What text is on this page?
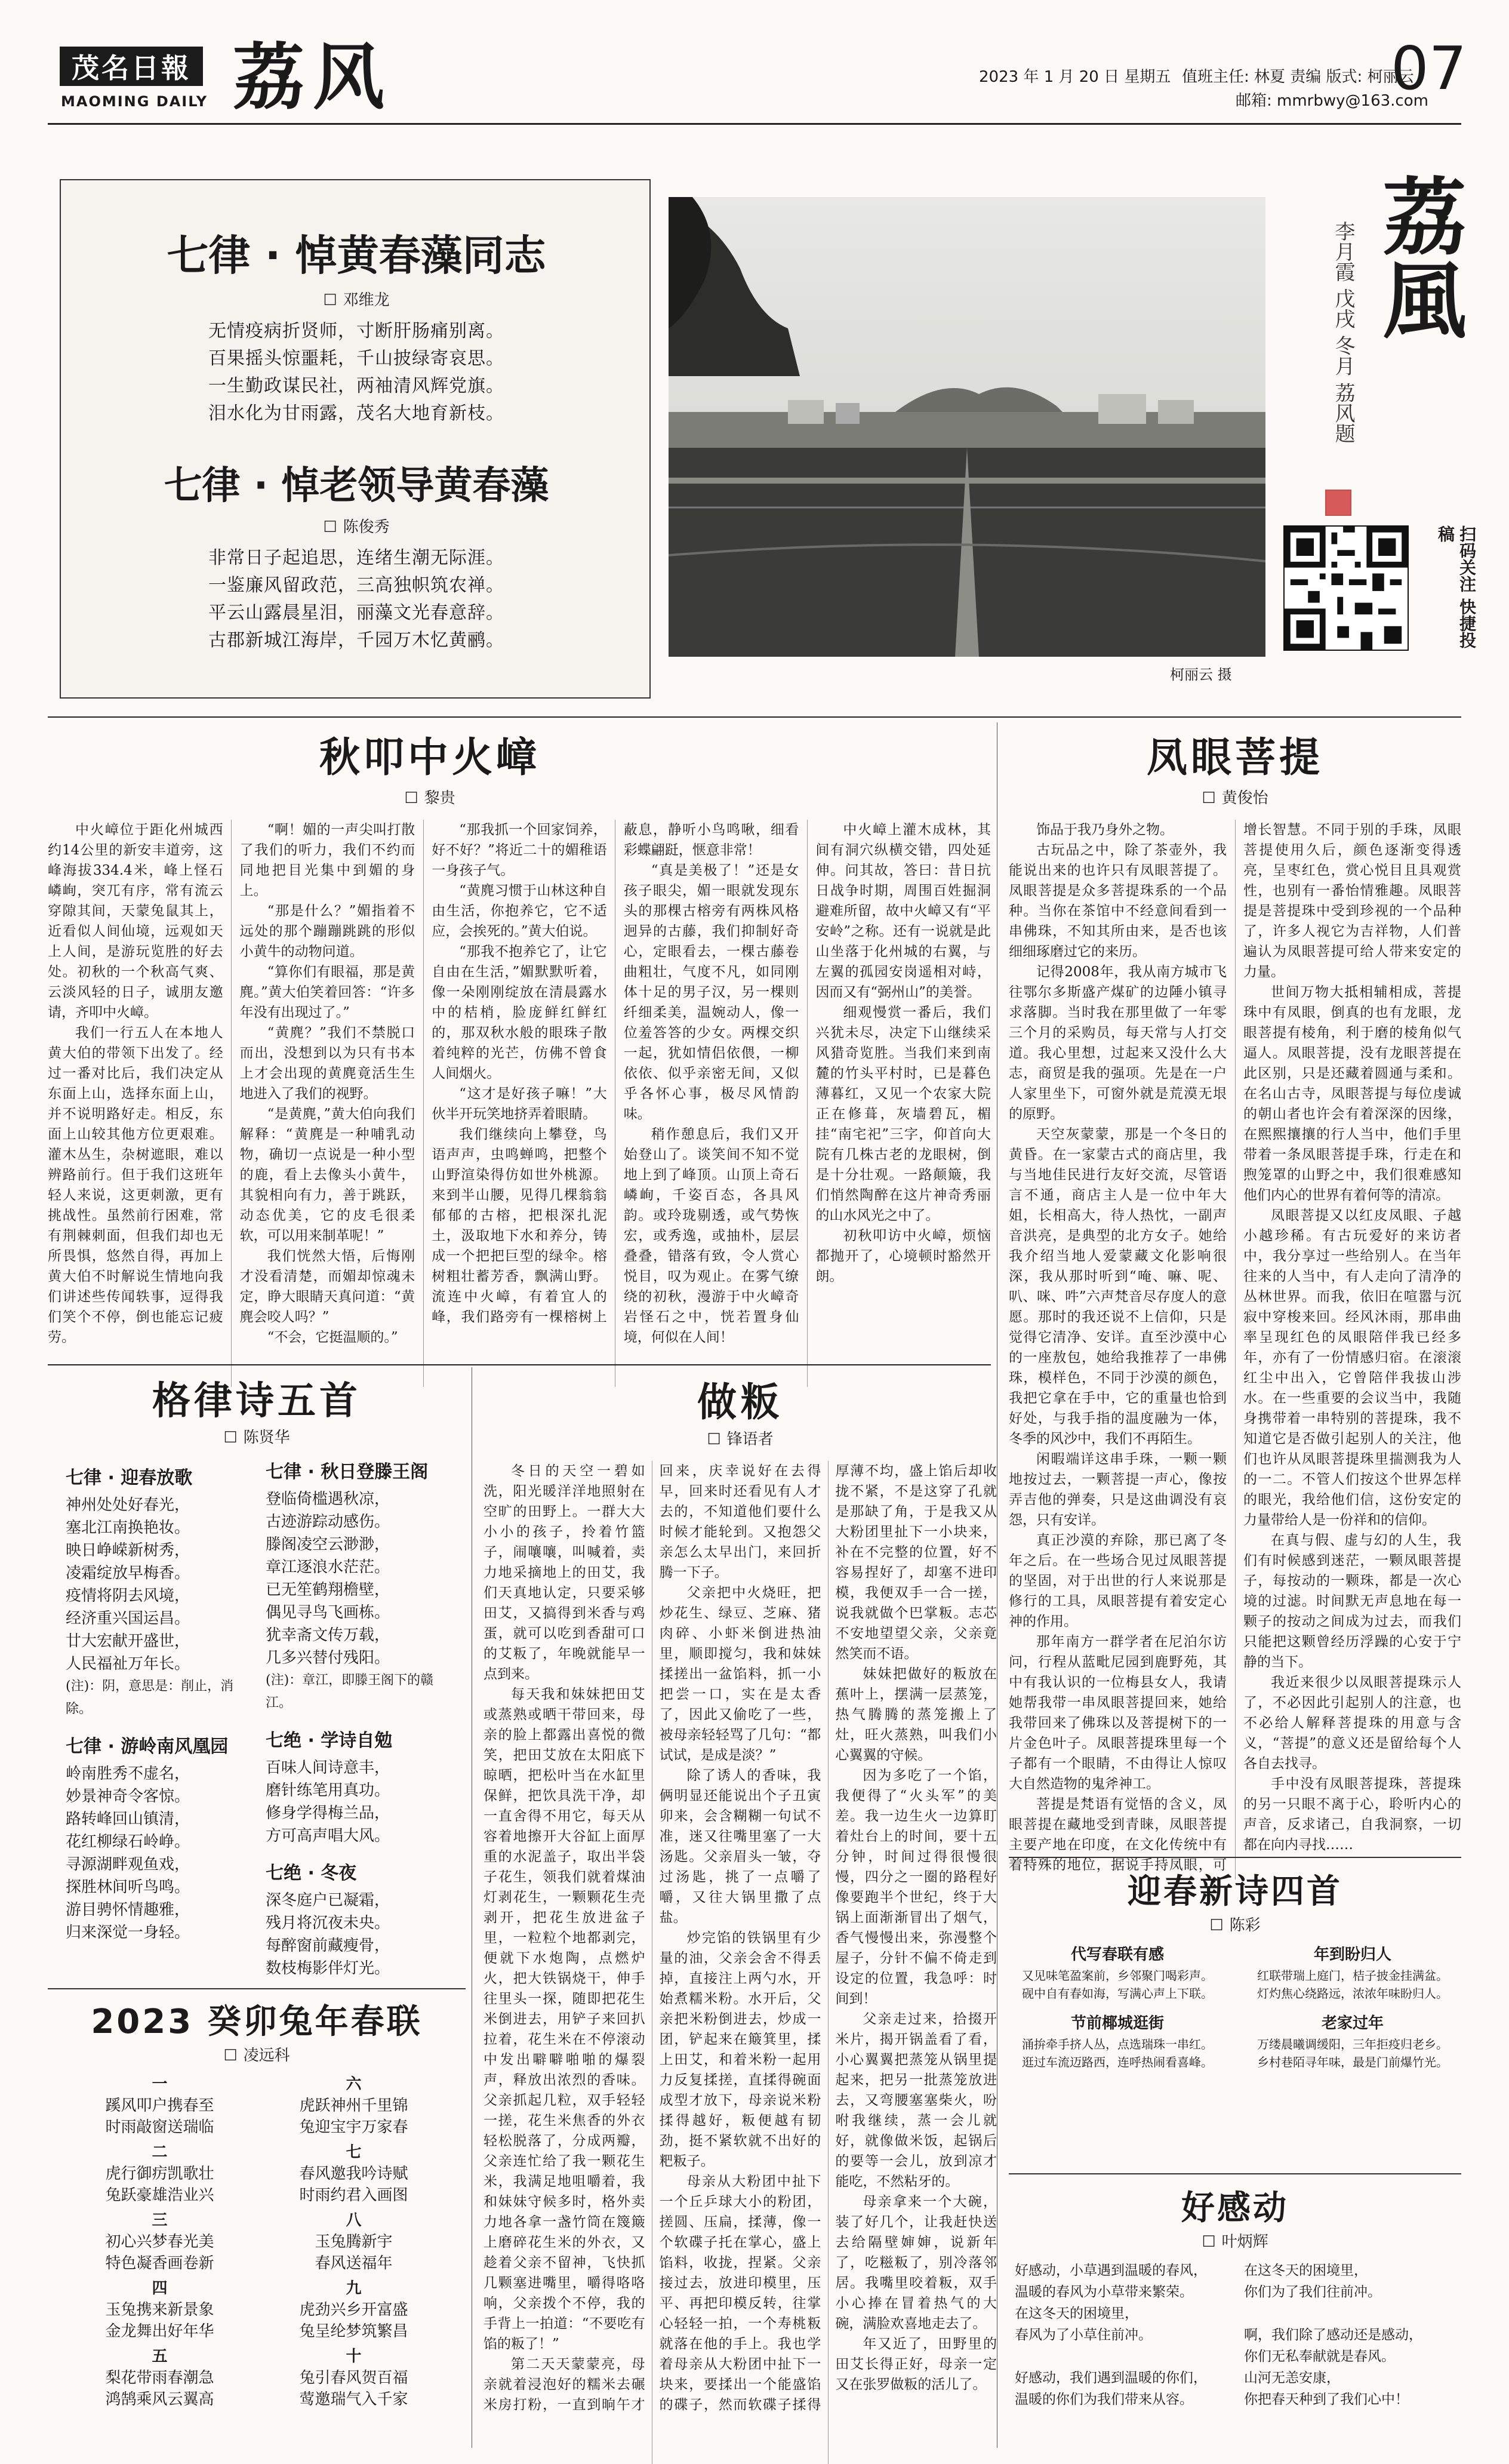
茂名日報
MAOMING DAILY 荔风	2023 年 1 月 20 日 星期五 值班主任: 林夏 责编 版式: 柯丽云
邮箱: mmrbwy@163.com
07
七律 · 悼黄春藻同志
☐ 邓维龙
无情疫病折贤师，寸断肝肠痛别离。
百果摇头惊噩耗，千山披绿寄哀思。
一生勤政谋民社，两袖清风辉党旗。
泪水化为甘雨露，茂名大地育新枝。
七律 · 悼老领导黄春藻
☐ 陈俊秀
非常日子起追思，连绪生潮无际涯。
一鉴廉风留政范，三高独帜筑农禅。
平云山露晨星泪，丽藻文光春意辞。
古郡新城江海岸，千园万木忆黄鹂。
柯丽云 摄
荔風
李月霞 戊戌 冬月 荔风题
扫码关注 快捷投稿
秋叩中火嶂
☐ 黎贵

中火嶂位于距化州城西约14公里的新安丰道旁，这峰海拔334.4米，峰上怪石嶙峋，突兀有序，常有流云穿隙其间，天蒙兔鼠其上，近看似人间仙境，远观如天上人间，是游玩览胜的好去处。初秋的一个秋高气爽、云淡风轻的日子，诚朋友邀请，齐叩中火嶂。

我们一行五人在本地人黄大伯的带领下出发了。经过一番对比后，我们决定从东面上山，选择东面上山，并不说明路好走。相反，东面上山较其他方位更艰难。灌木丛生，杂树遮眼，难以辨路前行。但于我们这班年轻人来说，这更刺激，更有挑战性。虽然前行困难，常有荆棘刺面，但我们却也无所畏惧，悠然自得，再加上黄大伯不时解说生情地向我们讲述些传闻轶事，逗得我们笑个不停，倒也能忘记疲劳。

“啊！媚的一声尖叫打散了我们的听力，我们不约而同地把目光集中到媚的身上。

“那是什么？”媚指着不远处的那个蹦蹦跳跳的形似小黄牛的动物问道。

“算你们有眼福，那是黄麂。”黄大伯笑着回答：“许多年没有出现过了。”

“黄麂？”我们不禁脱口而出，没想到以为只有书本上才会出现的黄麂竟活生生地进入了我们的视野。

“是黄麂，”黄大伯向我们解释：“黄麂是一种哺乳动物，确切一点说是一种小型的鹿，看上去像头小黄牛，其貌相向有力，善于跳跃，动态优美，它的皮毛很柔软，可以用来制革呢！”

我们恍然大悟，后悔刚才没看清楚，而媚却惊魂未定，睁大眼睛天真问道：“黄麂会咬人吗？”

“不会，它挺温顺的。”

“那我抓一个回家饲养，好不好？”将近二十的媚稚语一身孩子气。

“黄麂习惯于山林这种自由生活，你抱养它，它不适应，会挨死的。”黄大伯说。

“那我不抱养它了，让它自由在生活，”媚默默听着，像一朵刚刚绽放在清晨露水中的桔梢，脸庞鲜红鲜红的，那双秋水般的眼珠子散着纯粹的光芒，仿佛不曾食人间烟火。

“这才是好孩子嘛！”大伙半开玩笑地挤弄着眼睛。

我们继续向上攀登，鸟语声声，虫鸣蝉鸣，把整个山野渲染得仿如世外桃源。来到半山腰，见得几棵翁翁郁郁的古榕，把根深扎泥土，汲取地下水和养分，铸成一个把把巨型的绿伞。榕树粗壮蓄芳香，飘满山野。流连中火嶂，有着宜人的峰，我们路旁有一棵榕树上蔽息，静听小鸟鸣啾，细看彩蝶翩跹，惬意非常！

“真是美极了！”还是女孩子眼尖，媚一眼就发现东头的那棵古榕旁有两株风格迥异的古藤，我们抑制好奇心，定眼看去，一棵古藤卷曲粗壮，气度不凡，如同刚体十足的男子汉，另一棵则纤细柔美，温婉动人，像一位羞答答的少女。两棵交织一起，犹如情侣依偎，一柳依依、似乎亲密无间，又似乎各怀心事，极尽风情韵味。

稍作憩息后，我们又开始登山了。谈笑间不知不觉地上到了峰顶。山顶上奇石嶙峋，千姿百态，各具风韵。或玲珑剔透，或气势恢宏，或秀逸，或抽朴，层层叠叠，错落有致，令人赏心悦目，叹为观止。在雾气缭绕的初秋，漫游于中火嶂奇岩怪石之中，恍若置身仙境，何似在人间！

中火嶂上灌木成林，其间有洞穴纵横交错，四处延伸。问其故，答曰：昔日抗日战争时期，周围百姓掘洞避难所留，故中火嶂又有“平安岭”之称。还有一说就是此山坐落于化州城的右翼，与左翼的孤园安岗遥相对峙，因而又有“弼州山”的美誉。

细观慢赏一番后，我们兴犹未尽，决定下山继续采风猎奇览胜。当我们来到南麓的竹头平村时，已是暮色薄暮红，又见一个农家大院正在修葺，灰墙碧瓦，楣挂“南宅祀”三字，仰首向大院有几株古老的龙眼树，倒是十分壮观。一路颠簸，我们悄然陶醉在这片神奇秀丽的山水风光之中了。

初秋叩访中火嶂，烦恼都抛开了，心境顿时豁然开朗。

凤眼菩提
☐ 黄俊怡

饰品于我乃身外之物。

古玩品之中，除了茶壶外，我能说出来的也许只有凤眼菩提了。凤眼菩提是众多菩提珠系的一个品种。当你在茶馆中不经意间看到一串佛珠，不知其所由来，是否也该细细琢磨过它的来历。

记得2008年，我从南方城市飞往鄂尔多斯盛产煤矿的边陲小镇寻求落脚。当时我在那里做了一年零三个月的采购员，每天常与人打交道。我心里想，过起来又没什么大志，商贸是我的强项。先是在一户人家里坐下，可窗外就是荒漠无垠的原野。

天空灰蒙蒙，那是一个冬日的黄昏。在一家蒙古式的商店里，我与当地佳民进行友好交流，尽管语言不通，商店主人是一位中年大姐，长相高大，待人热忱，一副声音洪亮，是典型的北方女子。她给我介绍当地人爱蒙藏文化影响很深，我从那时听到“唵、嘛、呢、叭、咪、吽”六声梵音尽存度人的意愿。那时的我还说不上信仰，只是觉得它清净、安详。直至沙漠中心的一座敖包，她给我推荐了一串佛珠，模样色，不同于沙漠的颜色，我把它拿在手中，它的重量也恰到好处，与我手指的温度融为一体，冬季的风沙中，我们不再陌生。

闲暇端详这串手珠，一颗一颗地按过去，一颗菩提一声心，像按弄吉他的弹奏，只是这曲调没有哀怨，只有安详。

真正沙漠的弃除，那已离了冬年之后。在一些场合见过凤眼菩提的坚固，对于出世的行人来说那是修行的工具，凤眼菩提有着安定心神的作用。

那年南方一群学者在尼泊尔访问，行程从蓝毗尼园到鹿野苑，其中有我认识的一位梅县女人，我请她帮我带一串凤眼菩提回来，她给我带回来了佛珠以及菩提树下的一片金色叶子。凤眼菩提珠里每一个子都有一个眼睛，不由得让人惊叹大自然造物的鬼斧神工。

菩提是梵语有觉悟的含义，凤眼菩提在藏地受到青睐，凤眼菩提主要产地在印度，在文化传统中有着特殊的地位，据说手持凤眼，可增长智慧。不同于别的手珠，凤眼菩提使用久后，颜色逐渐变得透亮，呈枣红色，赏心悦目且具观赏性，也别有一番怡情雅趣。凤眼菩提是菩提珠中受到珍视的一个品种了，许多人视它为吉祥物，人们普遍认为凤眼菩提可给人带来安定的力量。

世间万物大抵相辅相成，菩提珠中有凤眼，倒真的也有龙眼，龙眼菩提有棱角，利于磨的棱角似气逼人。凤眼菩提，没有龙眼菩提在此区别，只是还藏着圆通与柔和。在名山古寺，凤眼菩提与每位虔诚的朝山者也许会有着深深的因缘，在熙熙攘攘的行人当中，他们手里带着一条凤眼菩提手珠，行走在和煦笼罩的山野之中，我们很难感知他们内心的世界有着何等的清凉。

凤眼菩提又以红皮凤眼、子越小越珍稀。有古玩爱好的来访者中，我分享过一些给别人。在当年往来的人当中，有人走向了清净的丛林世界。而我，依旧在喧嚣与沉寂中穿梭来回。经风沐雨，那串曲率呈现红色的凤眼陪伴我已经多年，亦有了一份情感归宿。在滚滚红尘中出入，它曾陪伴我拔山涉水。在一些重要的会议当中，我随身携带着一串特别的菩提珠，我不知道它是否做引起别人的关注，他们也许从凤眼菩提珠里揣测我为人的一二。不管人们按这个世界怎样的眼光，我给他们信，这份安定的力量带给人是一份祥和的信仰。

在真与假、虚与幻的人生，我们有时候感到迷茫，一颗凤眼菩提子，每按动的一颗珠，都是一次心境的过滤。时间默无声息地在每一颗子的按动之间成为过去，而我们只能把这颗曾经历浮躁的心安于宁静的当下。

我近来很少以凤眼菩提珠示人了，不必因此引起别人的注意，也不必给人解释菩提珠的用意与含义，“菩提”的意义还是留给每个人各自去找寻。

手中没有凤眼菩提珠，菩提珠的另一只眼不离于心，聆听内心的声音，反求诸己，自我洞察，一切都在向内寻找……

格律诗五首
☐ 陈贤华
七律 · 迎春放歌
神州处处好春光，
塞北江南换艳妆。
映日峥嵘新树秀，
凌霜绽放早梅香。
疫情将阴去风境，
经济重兴国运昌。
廿大宏献开盛世，
人民福祉万年长。
(注)：阴，意思是：削止，消除。
七律 · 游岭南风凰园
岭南胜秀不虚名，
妙景神奇令客惊。
路转峰回山镇清，
花红柳绿石岭峥。
寻源湖畔观鱼戏，
探胜林间听鸟鸣。
游目骋怀情趣雅，
归来深觉一身轻。
七律 · 秋日登滕王阁
登临倚槛遇秋凉，
古迹游踪动感伤。
滕阁凌空云渺渺，
章江逐浪水茫茫。
已无笙鹤翔檐壁，
偶见寻鸟飞画栋。
犹幸斋文传万载，
几多兴替付残阳。
(注)：章江，即滕王阁下的赣江。
七绝 · 学诗自勉
百味人间诗意丰，
磨针练笔用真功。
修身学得梅兰品，
方可高声唱大风。
七绝 · 冬夜
深冬庭户已凝霜，
残月将沉夜未央。
每醉窗前藏瘦骨，
数枝梅影伴灯光。
2023 癸卯兔年春联
☐ 凌远科
一
蹊风叩户携春至
时雨敲窗送瑞临
二
虎行御疠凯歌壮
兔跃豪雄浩业兴
三
初心兴梦春光美
特色凝香画卷新
四
玉兔携来新景象
金龙舞出好年华
五
梨花带雨春潮急
鸿鹄乘风云翼高
六
虎跃神州千里锦
兔迎宝宇万家春
七
春风邀我吟诗赋
时雨约君入画图
八
玉兔腾新宇
春风送福年
九
虎劲兴乡开富盛
兔呈纶梦筑繁昌
十
兔引春风贺百福
莺邀瑞气入千家
做粄
☐ 锋语者

冬日的天空一碧如洗，阳光暖洋洋地照射在空旷的田野上。一群大大小小的孩子，拎着竹篮子，闹嚷嚷，叫喊着，卖力地采摘地上的田艾，我们天真地认定，只要采够田艾，又搞得到米香与鸡蛋，就可以吃到香甜可口的艾粄了，年晚就能早一点到来。

每天我和妹妹把田艾或蒸熟或晒干带回来，母亲的脸上都露出喜悦的微笑，把田艾放在太阳底下晾晒，把松叶当在水缸里保鲜，把饮具洗干净，却一直舍得不用它，每天从容着地擦开大谷缸上面厚重的水泥盖子，取出半袋子花生，领我们就着煤油灯剥花生，一颗颗花生壳剥开，把花生放进盆子里，一粒粒个地都剥完，便就下水炮陶，点燃炉火，把大铁锅烧干，伸手往里头一探，随即把花生米倒进去，用铲子来回扒拉着，花生米在不停滚动中发出噼噼啪啪的爆裂声，释放出浓烈的香味。父亲抓起几粒，双手轻轻一搓，花生米焦香的外衣轻松脱落了，分成两瓣，父亲连忙给了我一颗花生米，我满足地咀嚼着，我和妹妹守候多时，格外卖力地各拿一盏竹筒在篾簸上磨碎花生米的外衣，又趁着父亲不留神，飞快抓几颗塞进嘴里，嚼得咯咯响，父亲拨个不停，我的手背上一拍道：“不要吃有馅的粄了！”

第二天天蒙蒙亮，母亲就着浸泡好的糯米去碾米房打粉，一直到晌午才回来，庆幸说好在去得早，回来时还看见有人才去的，不知道他们要什么时候才能轮到。又抱怨父亲怎么太早出门，来回折腾一下子。

父亲把中火烧旺，把炒花生、绿豆、芝麻、猪肉碎、小虾米倒进热油里，顺即搅匀，我和妹妹揉搓出一盆馅料，抓一小把尝一口，实在是太香了，因此又偷吃了一些，被母亲轻轻骂了几句：“都试试，是成是淡？”

除了诱人的香味，我俩明显还能说出个子丑寅卯来，会含糊糊一句试不准，迷又往嘴里塞了一大汤匙。父亲眉头一皱，夺过汤匙，挑了一点嚼了嚼，又往大锅里撒了点盐。

炒完馅的铁锅里有少量的油，父亲会舍不得丢掉，直接注上两勺水，开始煮糯米粉。水开后，父亲把米粉倒进去，炒成一团，铲起来在簸箕里，揉上田艾，和着米粉一起用力反复揉搓，直揉得碗面成型才放下，母亲说米粉揉得越好，粄便越有韧劲，挺不紧软就不出好的粑粄子。

母亲从大粉团中扯下一个丘乒球大小的粉团，搓圆、压扁，揉薄，像一个软碟子托在掌心，盛上馅料，收拢，捏紧。父亲接过去，放进印模里，压平、再把印模反转，往掌心轻轻一拍，一个寿桃粄就落在他的手上。我也学着母亲从大粉团中扯下一块来，要揉出一个能盛馅的碟子，然而软碟子揉得厚薄不均，盛上馅后却收拢不紧，不是这穿了孔就是那缺了角，于是我又从大粉团里扯下一小块来，补在不完整的位置，好不容易捏好了，却塞不进印模，我便双手一合一搓，说我就做个巴掌粄。志芯不安地望望父亲，父亲竟然笑而不语。

妹妹把做好的粄放在蕉叶上，摆满一层蒸笼，热气腾腾的蒸笼搬上了灶，旺火蒸熟，叫我们小心翼翼的守候。

因为多吃了一个馅，我便得了“火头军”的美差。我一边生火一边算盯着灶台上的时间，要十五分钟，时间过得很慢很慢，四分之一圈的路程好像要跑半个世纪，终于大锅上面渐渐冒出了烟气，香气慢慢出来，弥漫整个屋子，分针不偏不倚走到设定的位置，我急呼：时间到！

父亲走过来，拾掇开米片，揭开锅盖看了看，小心翼翼把蒸笼从锅里提起来，把另一批蒸笼放进去，又弯腰塞塞柴火，吩咐我继续，蒸一会儿就好，就像做米饭，起锅后的要等一会儿，放到凉才能吃，不然粘牙的。

母亲拿来一个大碗，装了好几个，让我赶快送去给隔壁婶婶，说新年了，吃糍粄了，别冷落邻居。我嘴里咬着粄，双手小心捧在冒着热气的大碗，满脸欢喜地走去了。

年又近了，田野里的田艾长得正好，母亲一定又在张罗做粄的活儿了。

迎春新诗四首
☐ 陈彩
代写春联有感
又见味笔盈案前，乡邻聚门喝彩声。
砚中自有春如海，写满心声上下联。
年到盼归人
红联带瑞上庭门，桔子披金挂满盆。
灯灼焦心绕路远，浓浓年味盼归人。
节前椰城逛街
涌拚牵手挤人丛，点选瑞珠一串红。
逛过车流迈路西，连呼热闹看喜峰。
老家过年
万缕晨曦调缓阳，三年拒疫归老乡。
乡村巷陌寻年味，最是门前爆竹光。
好感动
☐ 叶炳辉
好感动，小草遇到温暖的春风，
温暖的春风为小草带来繁荣。
在这冬天的困境里，
春风为了小草住前冲。

好感动，我们遇到温暖的你们，
温暖的你们为我们带来从容。
在这冬天的困境里，
你们为了我们往前冲。

啊，我们除了感动还是感动，
你们无私奉献就是春风。
山河无恙安康，
你把春天种到了我们心中！
